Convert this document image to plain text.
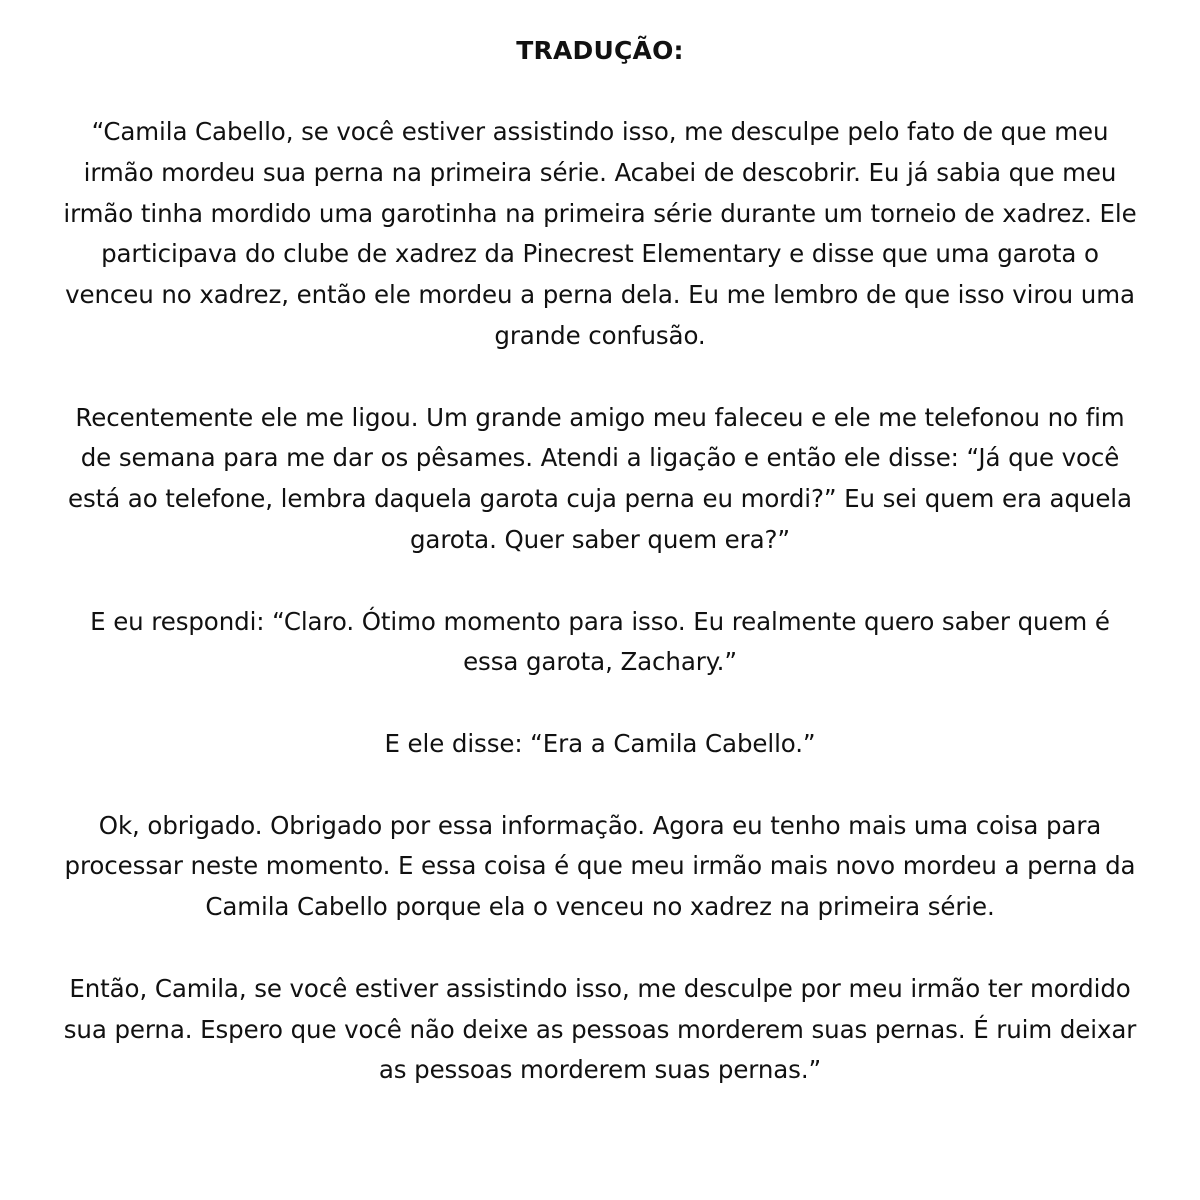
TRADUÇÃO:

“Camila Cabello, se você estiver assistindo isso, me desculpe pelo fato de que meu irmão mordeu sua perna na primeira série. Acabei de descobrir. Eu já sabia que meu irmão tinha mordido uma garotinha na primeira série durante um torneio de xadrez. Ele participava do clube de xadrez da Pinecrest Elementary e disse que uma garota o venceu no xadrez, então ele mordeu a perna dela. Eu me lembro de que isso virou uma grande confusão.

Recentemente ele me ligou. Um grande amigo meu faleceu e ele me telefonou no fim de semana para me dar os pêsames. Atendi a ligação e então ele disse: “Já que você está ao telefone, lembra daquela garota cuja perna eu mordi?” Eu sei quem era aquela garota. Quer saber quem era?”

E eu respondi: “Claro. Ótimo momento para isso. Eu realmente quero saber quem é essa garota, Zachary.”

E ele disse: “Era a Camila Cabello.”

Ok, obrigado. Obrigado por essa informação. Agora eu tenho mais uma coisa para processar neste momento. E essa coisa é que meu irmão mais novo mordeu a perna da Camila Cabello porque ela o venceu no xadrez na primeira série.

Então, Camila, se você estiver assistindo isso, me desculpe por meu irmão ter mordido sua perna. Espero que você não deixe as pessoas morderem suas pernas. É ruim deixar as pessoas morderem suas pernas.”
